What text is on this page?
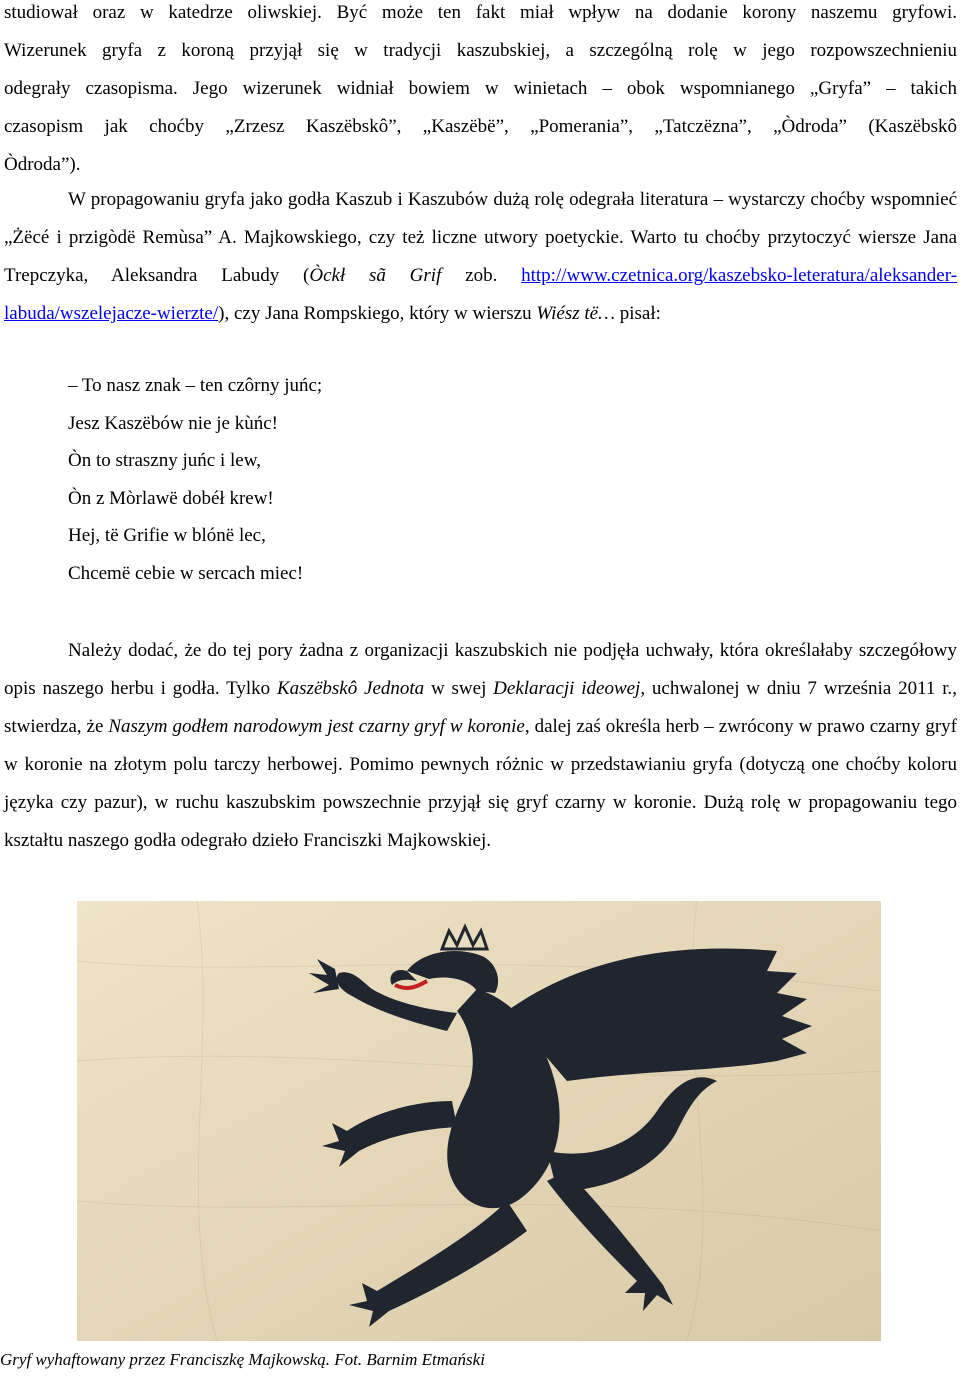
studiował oraz w katedrze oliwskiej. Być może ten fakt miał wpływ na dodanie korony naszemu gryfowi.

Wizerunek gryfa z koroną przyjął się w tradycji kaszubskiej, a szczególną rolę w jego rozpowszechnieniu

odegrały czasopisma. Jego wizerunek widniał bowiem w winietach – obok wspomnianego „Gryfa” – takich

czasopism jak choćby „Zrzesz Kaszëbskô”, „Kaszëbë”, „Pomerania”, „Tatczëzna”, „Òdroda” (Kaszëbskô

Òdroda”).

W propagowaniu gryfa jako godła Kaszub i Kaszubów dużą rolę odegrała literatura – wystarczy choćby wspomnieć „Żëcé i przigòdë Remùsa” A. Majkowskiego, czy też liczne utwory poetyckie. Warto tu choćby przytoczyć wiersze Jana Trepczyka, Aleksandra Labudy (Òckł sã Grif zob. http://www.czetnica.org/kaszebsko-leteratura/aleksander-labuda/wszelejacze-wierzte/), czy Jana Rompskiego, który w wierszu Wiész të… pisał:

– To nasz znak – ten czôrny juńc;

Jesz Kaszëbów nie je kùńc!

Òn to straszny juńc i lew,

Òn z Mòrlawë dobéł krew!

Hej, të Grifie w blónë lec,

Chcemë cebie w sercach miec!

Należy dodać, że do tej pory żadna z organizacji kaszubskich nie podjęła uchwały, która określałaby szczegółowy opis naszego herbu i godła. Tylko Kaszëbskô Jednota w swej Deklaracji ideowej, uchwalonej w dniu 7 września 2011 r., stwierdza, że Naszym godłem narodowym jest czarny gryf w koronie, dalej zaś określa herb – zwrócony w prawo czarny gryf w koronie na złotym polu tarczy herbowej. Pomimo pewnych różnic w przedstawianiu gryfa (dotyczą one choćby koloru języka czy pazur), w ruchu kaszubskim powszechnie przyjął się gryf czarny w koronie. Dużą rolę w propagowaniu tego kształtu naszego godła odegrało dzieło Franciszki Majkowskiej.

Gryf wyhaftowany przez Franciszkę Majkowską. Fot. Barnim Etmański
